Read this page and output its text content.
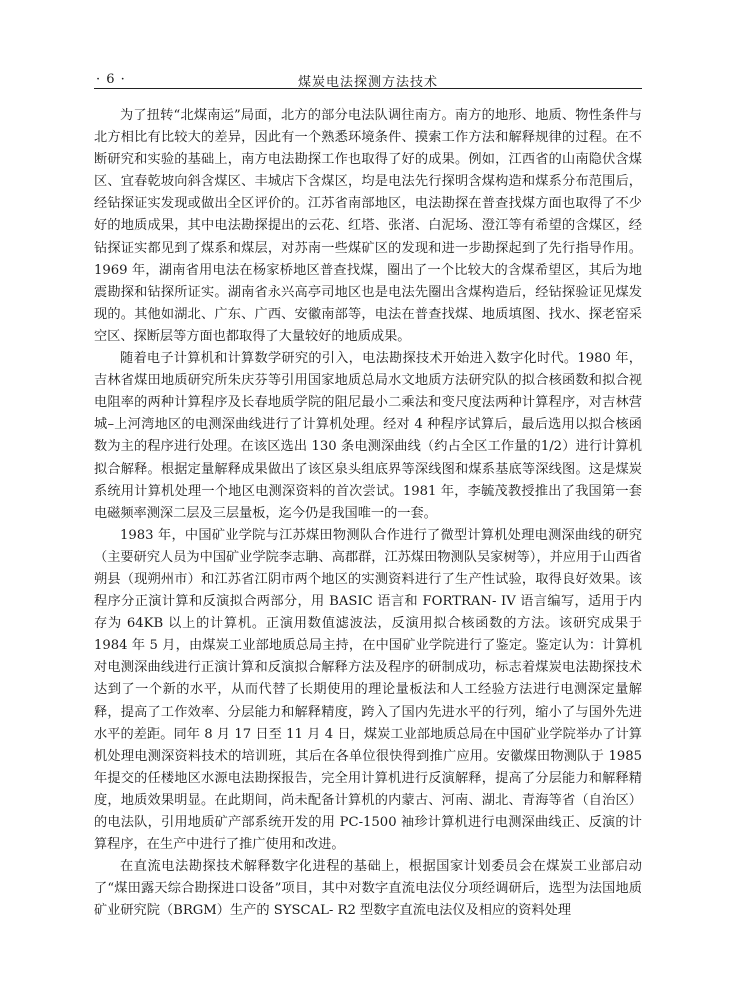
· 6 ·	煤炭电法探测方法技术

为了扭转“北煤南运”局面，北方的部分电法队调往南方。南方的地形、地质、物性条件与北方相比有比较大的差异，因此有一个熟悉环境条件、摸索工作方法和解释规律的过程。在不断研究和实验的基础上，南方电法勘探工作也取得了好的成果。例如，江西省的山南隐伏含煤区、宜春乾坡向斜含煤区、丰城店下含煤区，均是电法先行探明含煤构造和煤系分布范围后，经钻探证实发现或做出全区评价的。江苏省南部地区，电法勘探在普查找煤方面也取得了不少好的地质成果，其中电法勘探提出的云花、红塔、张渚、白泥场、澄江等有希望的含煤区，经钻探证实都见到了煤系和煤层，对苏南一些煤矿区的发现和进一步勘探起到了先行指导作用。1969 年，湖南省用电法在杨家桥地区普查找煤，圈出了一个比较大的含煤希望区，其后为地震勘探和钻探所证实。湖南省永兴高亭司地区也是电法先圈出含煤构造后，经钻探验证见煤发现的。其他如湖北、广东、广西、安徽南部等，电法在普查找煤、地质填图、找水、探老窑采空区、探断层等方面也都取得了大量较好的地质成果。

随着电子计算机和计算数学研究的引入，电法勘探技术开始进入数字化时代。1980 年，吉林省煤田地质研究所朱庆芬等引用国家地质总局水文地质方法研究队的拟合核函数和拟合视电阻率的两种计算程序及长春地质学院的阻尼最小二乘法和变尺度法两种计算程序，对吉林营城–上河湾地区的电测深曲线进行了计算机处理。经对 4 种程序试算后，最后选用以拟合核函数为主的程序进行处理。在该区选出 130 条电测深曲线（约占全区工作量的1/2）进行计算机拟合解释。根据定量解释成果做出了该区泉头组底界等深线图和煤系基底等深线图。这是煤炭系统用计算机处理一个地区电测深资料的首次尝试。1981 年，李毓茂教授推出了我国第一套电磁频率测深二层及三层量板，迄今仍是我国唯一的一套。

1983 年，中国矿业学院与江苏煤田物测队合作进行了微型计算机处理电测深曲线的研究（主要研究人员为中国矿业学院李志聃、高郡群，江苏煤田物测队吴家树等），并应用于山西省朔县（现朔州市）和江苏省江阴市两个地区的实测资料进行了生产性试验，取得良好效果。该程序分正演计算和反演拟合两部分，用 BASIC 语言和 FORTRAN- IV 语言编写，适用于内存为 64KB 以上的计算机。正演用数值滤波法，反演用拟合核函数的方法。该研究成果于 1984 年 5 月，由煤炭工业部地质总局主持，在中国矿业学院进行了鉴定。鉴定认为：计算机对电测深曲线进行正演计算和反演拟合解释方法及程序的研制成功，标志着煤炭电法勘探技术达到了一个新的水平，从而代替了长期使用的理论量板法和人工经验方法进行电测深定量解释，提高了工作效率、分层能力和解释精度，跨入了国内先进水平的行列，缩小了与国外先进水平的差距。同年 8 月 17 日至 11 月 4 日，煤炭工业部地质总局在中国矿业学院举办了计算机处理电测深资料技术的培训班，其后在各单位很快得到推广应用。安徽煤田物测队于 1985 年提交的任楼地区水源电法勘探报告，完全用计算机进行反演解释，提高了分层能力和解释精度，地质效果明显。在此期间，尚未配备计算机的内蒙古、河南、湖北、青海等省（自治区）的电法队，引用地质矿产部系统开发的用 PC-1500 袖珍计算机进行电测深曲线正、反演的计算程序，在生产中进行了推广使用和改进。

在直流电法勘探技术解释数字化进程的基础上，根据国家计划委员会在煤炭工业部启动了“煤田露天综合勘探进口设备”项目，其中对数字直流电法仪分项经调研后，选型为法国地质矿业研究院（BRGM）生产的 SYSCAL- R2 型数字直流电法仪及相应的资料处理
